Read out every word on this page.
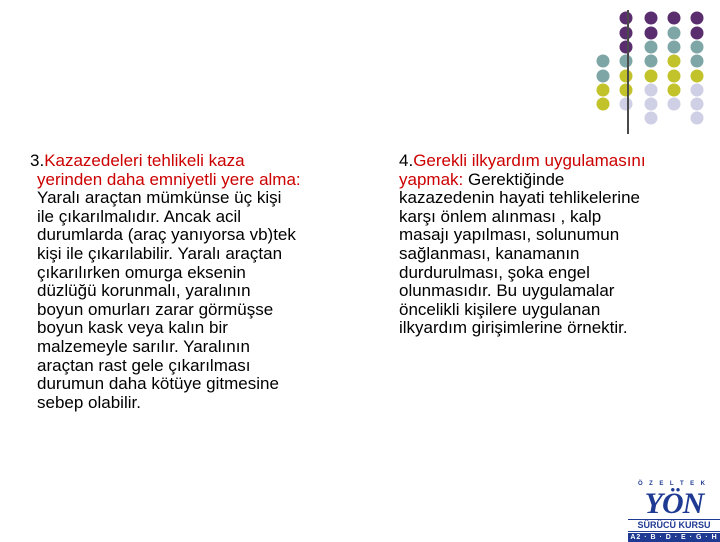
3.Kazazedeleri tehlikeli kaza
yerinden daha emniyetli yere alma:
Yaralı araçtan mümkünse üç kişi
ile çıkarılmalıdır. Ancak acil
durumlarda (araç yanıyorsa vb)tek
kişi ile çıkarılabilir. Yaralı araçtan
çıkarılırken omurga eksenin
düzlüğü korunmalı, yaralının
boyun omurları zarar görmüşse
boyun kask veya kalın bir
malzemeyle sarılır. Yaralının
araçtan rast gele çıkarılması
durumun daha kötüye gitmesine
sebep olabilir.
4.Gerekli ilkyardım uygulamasını
yapmak: Gerektiğinde
kazazedenin hayati tehlikelerine
karşı önlem alınması , kalp
masajı yapılması, solunumun
sağlanması, kanamanın
durdurulması, şoka engel
olunmasıdır. Bu uygulamalar
öncelikli kişilere uygulanan
ilkyardım girişimlerine örnektir.
Ö Z E L T E K
YÖN
SÜRÜCÜ KURSU
A2 · B · D · E · G · H
